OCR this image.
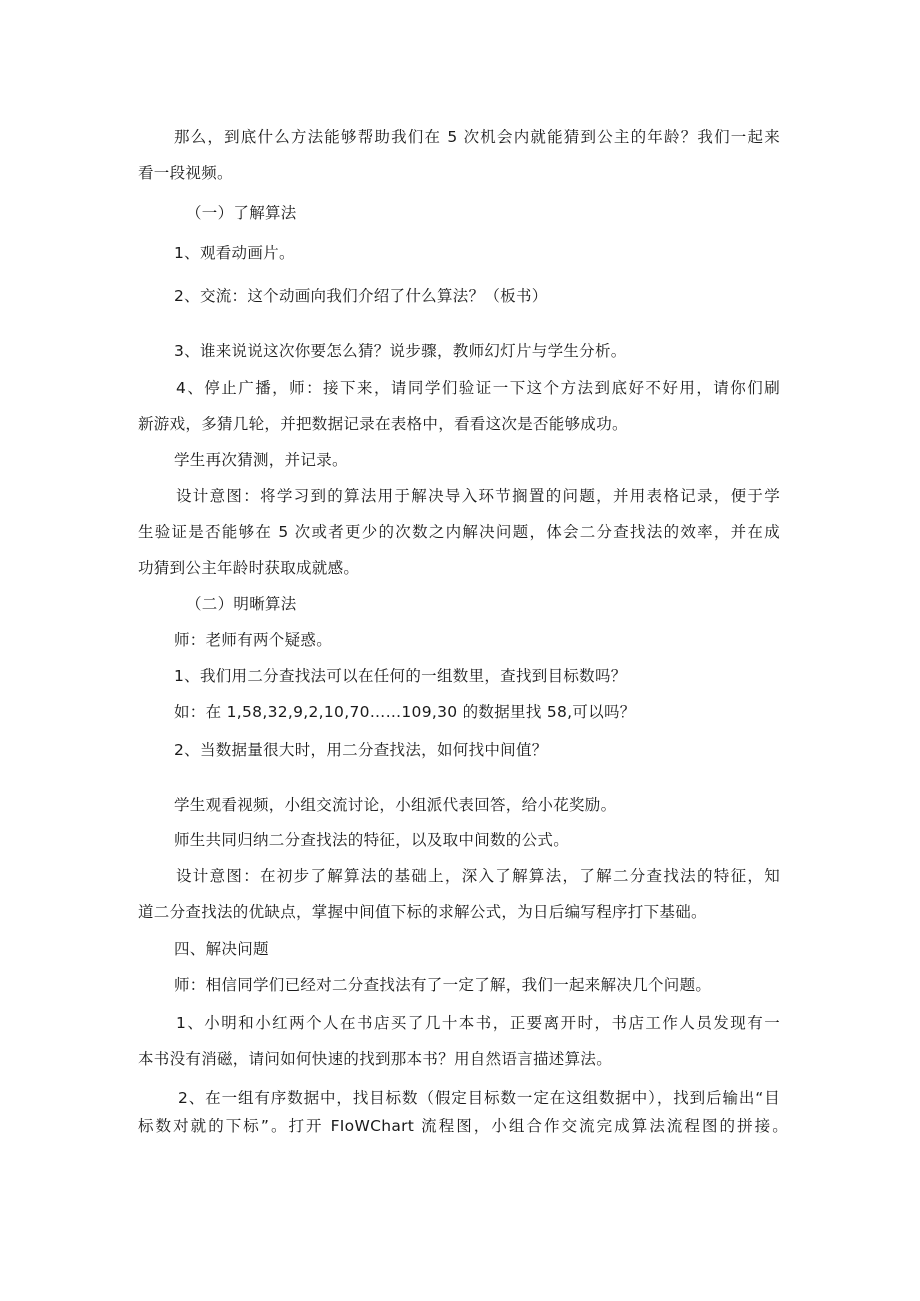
那么，到底什么方法能够帮助我们在 5 次机会内就能猜到公主的年龄？我们一起来
看一段视频。
（一）了解算法
1、观看动画片。
2、交流：这个动画向我们介绍了什么算法？（板书）
3、谁来说说这次你要怎么猜？说步骤，教师幻灯片与学生分析。
4、停止广播，师：接下来，请同学们验证一下这个方法到底好不好用，请你们刷
新游戏，多猜几轮，并把数据记录在表格中，看看这次是否能够成功。
学生再次猜测，并记录。
设计意图：将学习到的算法用于解决导入环节搁置的问题，并用表格记录，便于学
生验证是否能够在 5 次或者更少的次数之内解决问题，体会二分查找法的效率，并在成
功猜到公主年龄时获取成就感。
（二）明晰算法
师：老师有两个疑惑。
1、我们用二分查找法可以在任何的一组数里，查找到目标数吗？
如：在 1,58,32,9,2,10,70……109,30 的数据里找 58,可以吗？
2、当数据量很大时，用二分查找法，如何找中间值？
学生观看视频，小组交流讨论，小组派代表回答，给小花奖励。
师生共同归纳二分查找法的特征，以及取中间数的公式。
设计意图：在初步了解算法的基础上，深入了解算法，了解二分查找法的特征，知
道二分查找法的优缺点，掌握中间值下标的求解公式，为日后编写程序打下基础。
四、解决问题
师：相信同学们已经对二分查找法有了一定了解，我们一起来解决几个问题。
1、小明和小红两个人在书店买了几十本书，正要离开时，书店工作人员发现有一
本书没有消磁，请问如何快速的找到那本书？用自然语言描述算法。
2、在一组有序数据中，找目标数（假定目标数一定在这组数据中），找到后输出“目
标数对就的下标”。打开 FIoWChart 流程图，小组合作交流完成算法流程图的拼接。
